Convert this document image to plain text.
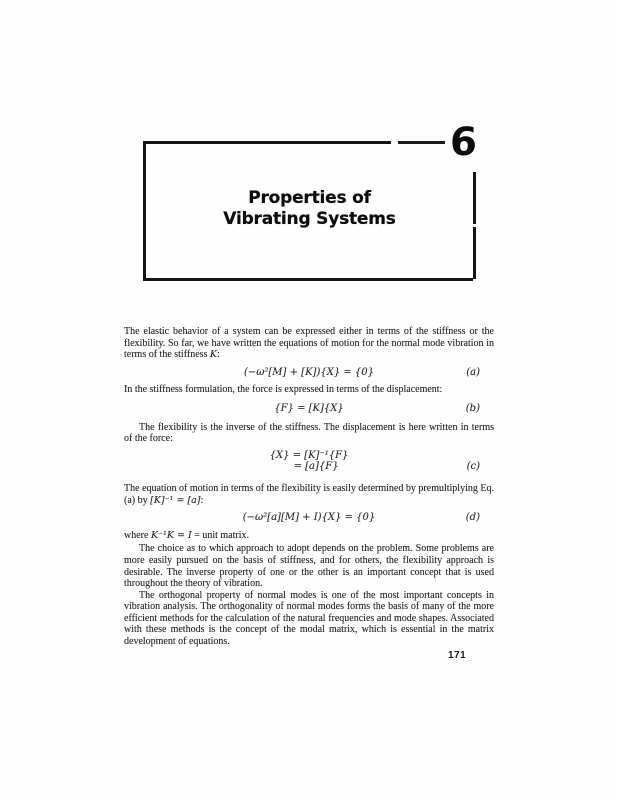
Properties of
Vibrating Systems
6

The elastic behavior of a system can be expressed either in terms of the stiffness or the flexibility. So far, we have written the equations of motion for the normal mode vibration in terms of the stiffness K:

(−ω²[M] + [K]){X} = {0}	(a)

In the stiffness formulation, the force is expressed in terms of the displacement:

{F} = [K]{X}	(b)

The flexibility is the inverse of the stiffness. The displacement is here written in terms of the force:

{X} = [K]⁻¹{F}
= [a]{F}	(c)

The equation of motion in terms of the flexibility is easily determined by premultiplying Eq. (a) by [K]⁻¹ = [a]:

(−ω²[a][M] + I){X} = {0}	(d)

where K⁻¹K = I = unit matrix.

The choice as to which approach to adopt depends on the problem. Some problems are more easily pursued on the basis of stiffness, and for others, the flexibility approach is desirable. The inverse property of one or the other is an important concept that is used throughout the theory of vibration.

The orthogonal property of normal modes is one of the most important concepts in vibration analysis. The orthogonality of normal modes forms the basis of many of the more efficient methods for the calculation of the natural frequencies and mode shapes. Associated with these methods is the concept of the modal matrix, which is essential in the matrix development of equations.

171
